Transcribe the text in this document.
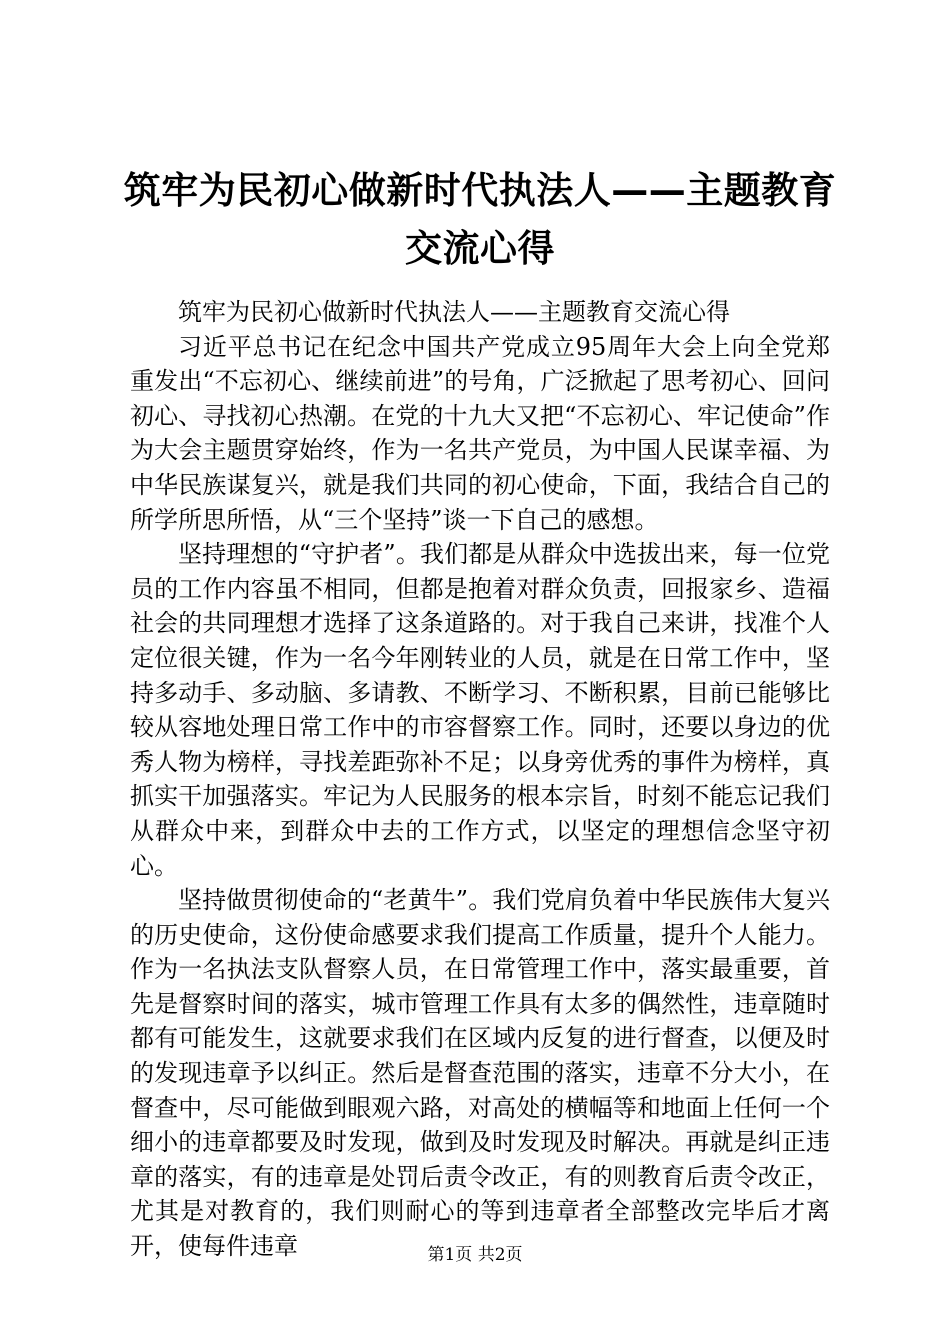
筑牢为民初心做新时代执法人——主题教育交流心得

筑牢为民初心做新时代执法人——主题教育交流心得

习近平总书记在纪念中国共产党成立95周年大会上向全党郑重发出“不忘初心、继续前进”的号角，广泛掀起了思考初心、回问初心、寻找初心热潮。在党的十九大又把“不忘初心、牢记使命”作为大会主题贯穿始终，作为一名共产党员，为中国人民谋幸福、为中华民族谋复兴，就是我们共同的初心使命，下面，我结合自己的所学所思所悟，从“三个坚持”谈一下自己的感想。

坚持理想的“守护者”。我们都是从群众中选拔出来，每一位党员的工作内容虽不相同，但都是抱着对群众负责，回报家乡、造福社会的共同理想才选择了这条道路的。对于我自己来讲，找准个人定位很关键，作为一名今年刚转业的人员，就是在日常工作中，坚持多动手、多动脑、多请教、不断学习、不断积累，目前已能够比较从容地处理日常工作中的市容督察工作。同时，还要以身边的优秀人物为榜样，寻找差距弥补不足；以身旁优秀的事件为榜样，真抓实干加强落实。牢记为人民服务的根本宗旨，时刻不能忘记我们从群众中来，到群众中去的工作方式，以坚定的理想信念坚守初心。

坚持做贯彻使命的“老黄牛”。我们党肩负着中华民族伟大复兴的历史使命，这份使命感要求我们提高工作质量，提升个人能力。作为一名执法支队督察人员，在日常管理工作中，落实最重要，首先是督察时间的落实，城市管理工作具有太多的偶然性，违章随时都有可能发生，这就要求我们在区域内反复的进行督查，以便及时的发现违章予以纠正。然后是督查范围的落实，违章不分大小，在督查中，尽可能做到眼观六路，对高处的横幅等和地面上任何一个细小的违章都要及时发现，做到及时发现及时解决。再就是纠正违章的落实，有的违章是处罚后责令改正，有的则教育后责令改正，尤其是对教育的，我们则耐心的等到违章者全部整改完毕后才离开，使每件违章	第1页 共2页
